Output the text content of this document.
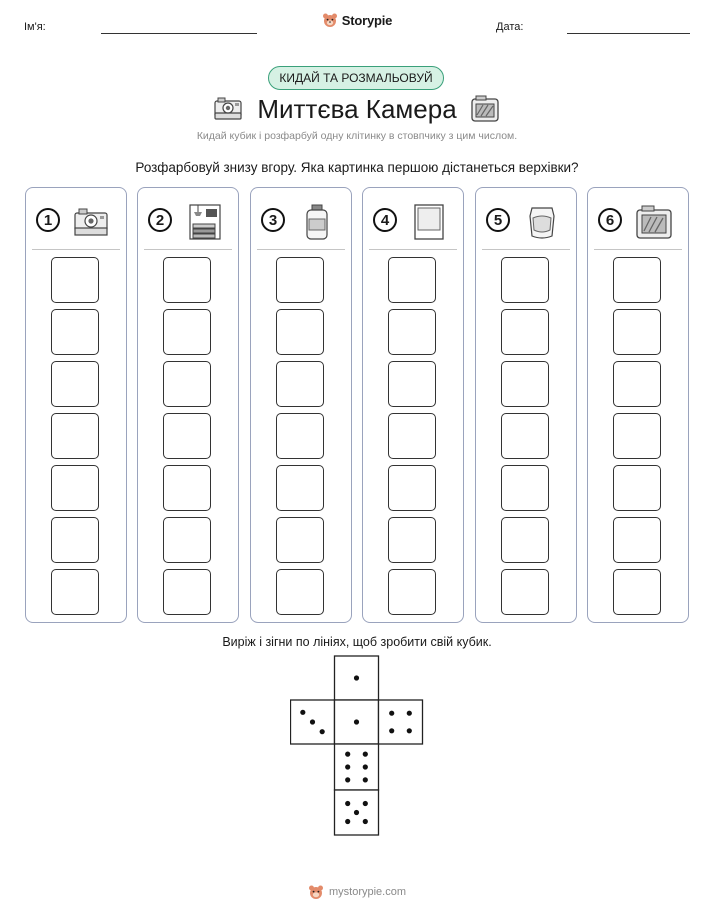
Ім'я:	Storypie	Дата:
КИДАЙ ТА РОЗМАЛЬОВУЙ
Миттєва Камера
Кидай кубик і розфарбуй одну клітинку в стовпчику з цим числом.
Розфарбовуй знизу вгору. Яка картинка першою дістанеться верхівки?
1	2	3	4	5	6
Виріж і зігни по лініях, щоб зробити свій кубик.
mystorypie.com
